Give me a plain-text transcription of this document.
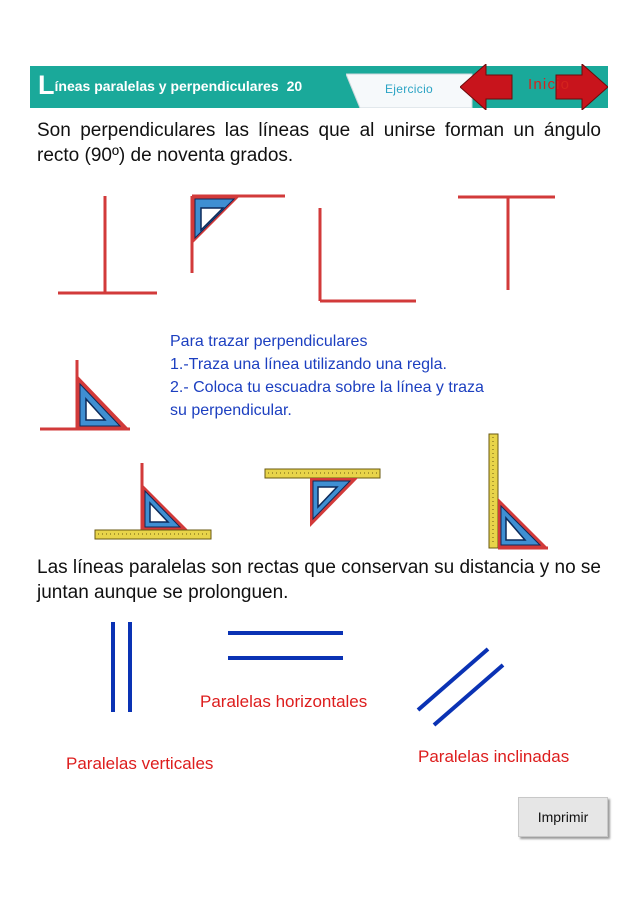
Líneas paralelas y perpendiculares 20	Ejercicio	Inicio

Son perpendiculares las líneas que al unirse forman un ángulo recto (90º) de noventa grados.

Para trazar perpendiculares
1.-Traza una línea utilizando una regla.
2.- Coloca tu escuadra sobre la línea y traza
su perpendicular.

Las líneas paralelas son rectas que conservan su distancia y no se juntan aunque se prolonguen.

Paralelas horizontales
Paralelas verticales	Paralelas inclinadas
Imprimir
